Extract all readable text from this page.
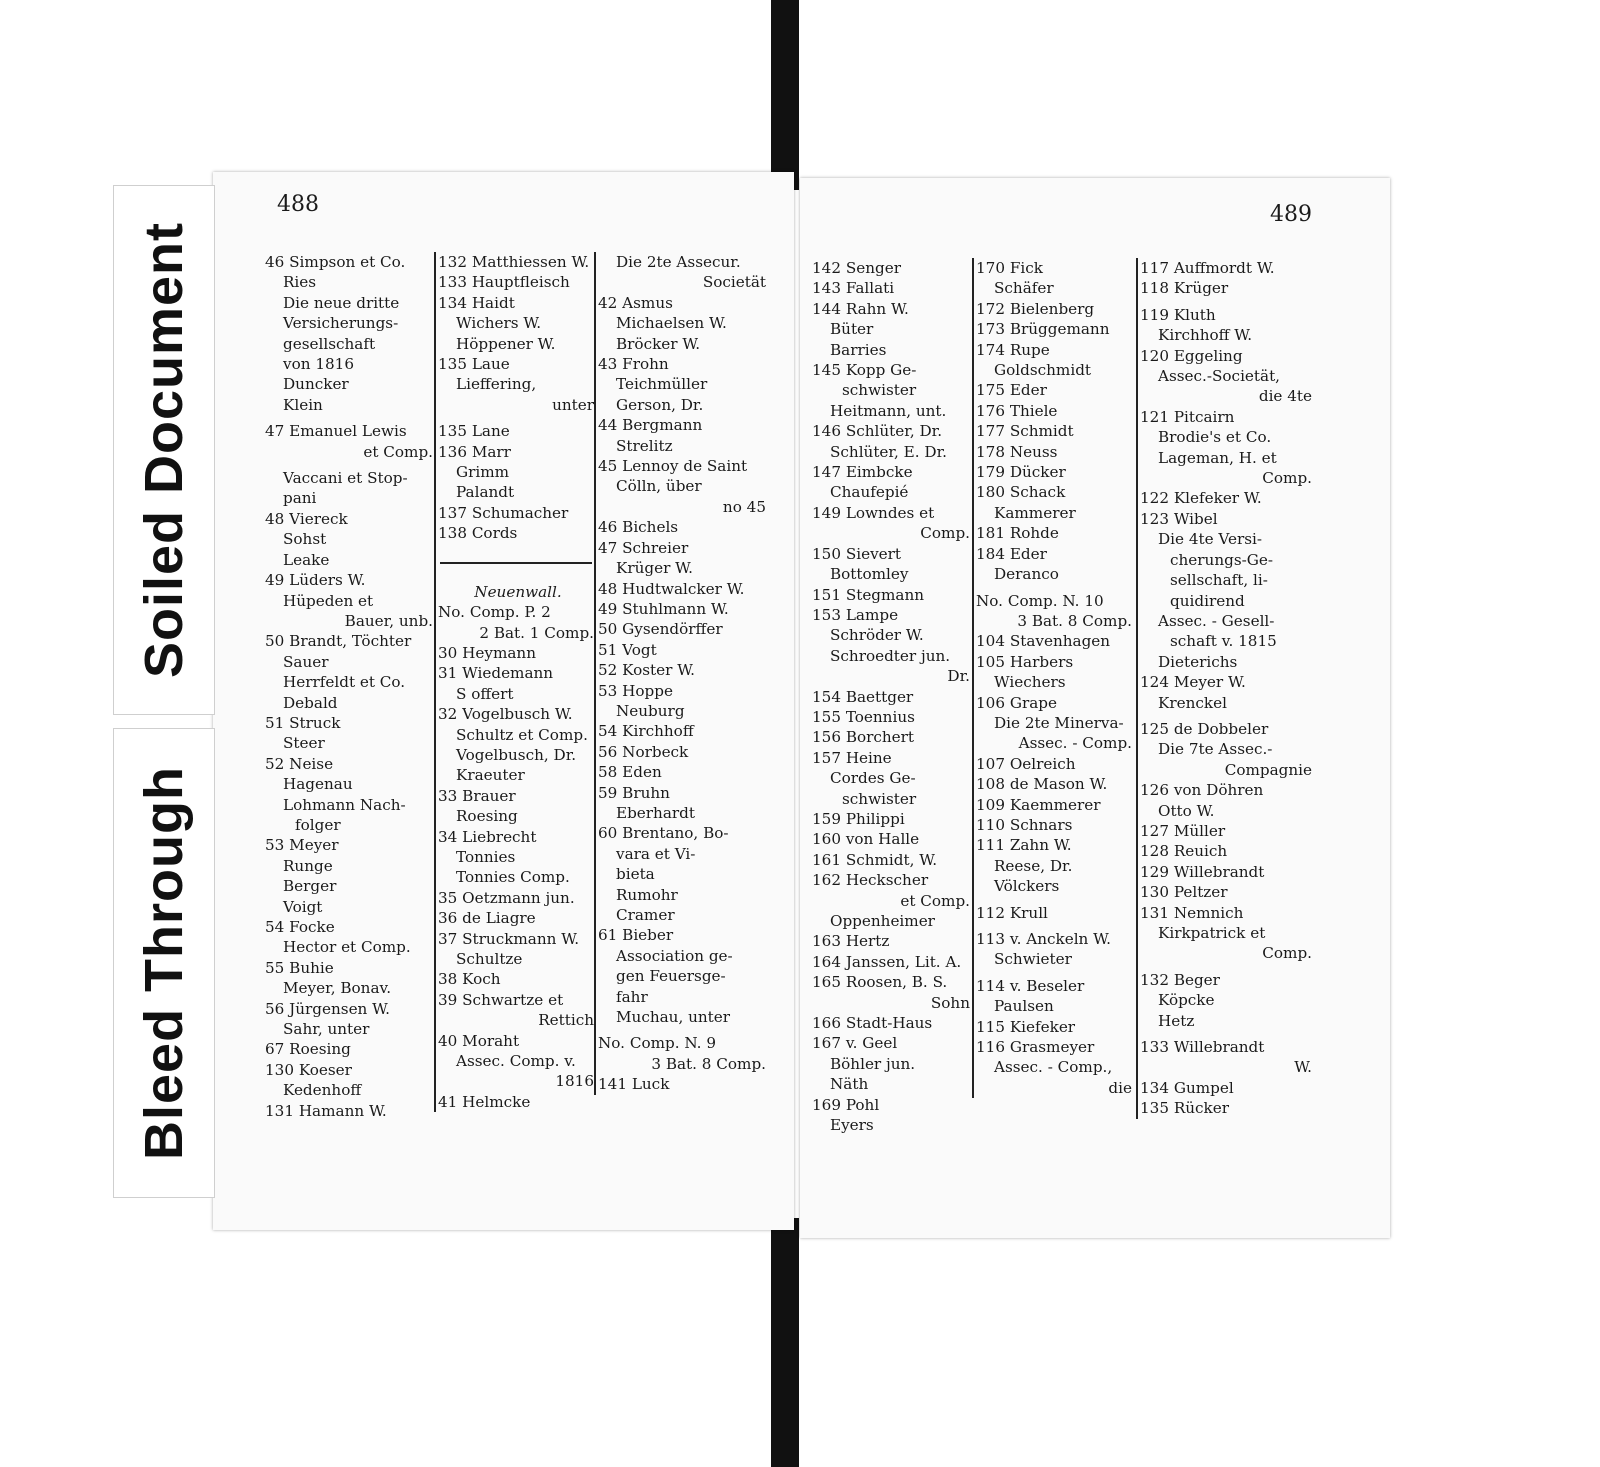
488
46 Simpson et Co.
Ries
Die neue dritte
Versicherungs-
gesellschaft
von 1816
Duncker
Klein
47 Emanuel Lewis
et Comp.
Vaccani et Stop-
pani
48 Viereck
Sohst
Leake
49 Lüders W.
Hüpeden et
Bauer, unb.
50 Brandt, Töchter
Sauer
Herrfeldt et Co.
Debald
51 Struck
Steer
52 Neise
Hagenau
Lohmann Nach-
folger
53 Meyer
Runge
Berger
Voigt
54 Focke
Hector et Comp.
55 Buhie
Meyer, Bonav.
56 Jürgensen W.
Sahr, unter
67 Roesing
130 Koeser
Kedenhoff
131 Hamann W.
132 Matthiessen W.
133 Hauptfleisch
134 Haidt
Wichers W.
Höppener W.
135 Laue
Lieffering,
unter
135 Lane
136 Marr
Grimm
Palandt
137 Schumacher
138 Cords
Neuenwall.
No. Comp. P. 2
2 Bat. 1 Comp.
30 Heymann
31 Wiedemann
S offert
32 Vogelbusch W.
Schultz et Comp.
Vogelbusch, Dr.
Kraeuter
33 Brauer
Roesing
34 Liebrecht
Tonnies
Tonnies Comp.
35 Oetzmann jun.
36 de Liagre
37 Struckmann W.
Schultze
38 Koch
39 Schwartze et
Rettich
40 Moraht
Assec. Comp. v.
1816
41 Helmcke
Die 2te Assecur.
Societät
42 Asmus
Michaelsen W.
Bröcker W.
43 Frohn
Teichmüller
Gerson, Dr.
44 Bergmann
Strelitz
45 Lennoy de Saint
Cölln, über
no 45
46 Bichels
47 Schreier
Krüger W.
48 Hudtwalcker W.
49 Stuhlmann W.
50 Gysendörffer
51 Vogt
52 Koster W.
53 Hoppe
Neuburg
54 Kirchhoff
56 Norbeck
58 Eden
59 Bruhn
Eberhardt
60 Brentano, Bo-
vara et Vi-
bieta
Rumohr
Cramer
61 Bieber
Association ge-
gen Feuersge-
fahr
Muchau, unter
No. Comp. N. 9
3 Bat. 8 Comp.
141 Luck
489
142 Senger
143 Fallati
144 Rahn W.
Büter
Barries
145 Kopp Ge-
schwister
Heitmann, unt.
146 Schlüter, Dr.
Schlüter, E. Dr.
147 Eimbcke
Chaufepié
149 Lowndes et
Comp.
150 Sievert
Bottomley
151 Stegmann
153 Lampe
Schröder W.
Schroedter jun.
Dr.
154 Baettger
155 Toennius
156 Borchert
157 Heine
Cordes Ge-
schwister
159 Philippi
160 von Halle
161 Schmidt, W.
162 Heckscher
et Comp.
Oppenheimer
163 Hertz
164 Janssen, Lit. A.
165 Roosen, B. S.
Sohn
166 Stadt-Haus
167 v. Geel
Böhler jun.
Näth
169 Pohl
Eyers
170 Fick
Schäfer
172 Bielenberg
173 Brüggemann
174 Rupe
Goldschmidt
175 Eder
176 Thiele
177 Schmidt
178 Neuss
179 Dücker
180 Schack
Kammerer
181 Rohde
184 Eder
Deranco
No. Comp. N. 10
3 Bat. 8 Comp.
104 Stavenhagen
105 Harbers
Wiechers
106 Grape
Die 2te Minerva-
Assec. - Comp.
107 Oelreich
108 de Mason W.
109 Kaemmerer
110 Schnars
111 Zahn W.
Reese, Dr.
Völckers
112 Krull
113 v. Anckeln W.
Schwieter
114 v. Beseler
Paulsen
115 Kiefeker
116 Grasmeyer
Assec. - Comp.,
die
117 Auffmordt W.
118 Krüger
119 Kluth
Kirchhoff W.
120 Eggeling
Assec.-Societät,
die 4te
121 Pitcairn
Brodie's et Co.
Lageman, H. et
Comp.
122 Klefeker W.
123 Wibel
Die 4te Versi-
cherungs-Ge-
sellschaft, li-
quidirend
Assec. - Gesell-
schaft v. 1815
Dieterichs
124 Meyer W.
Krenckel
125 de Dobbeler
Die 7te Assec.-
Compagnie
126 von Döhren
Otto W.
127 Müller
128 Reuich
129 Willebrandt
130 Peltzer
131 Nemnich
Kirkpatrick et
Comp.
132 Beger
Köpcke
Hetz
133 Willebrandt
W.
134 Gumpel
135 Rücker
Soiled Document
Bleed Through
